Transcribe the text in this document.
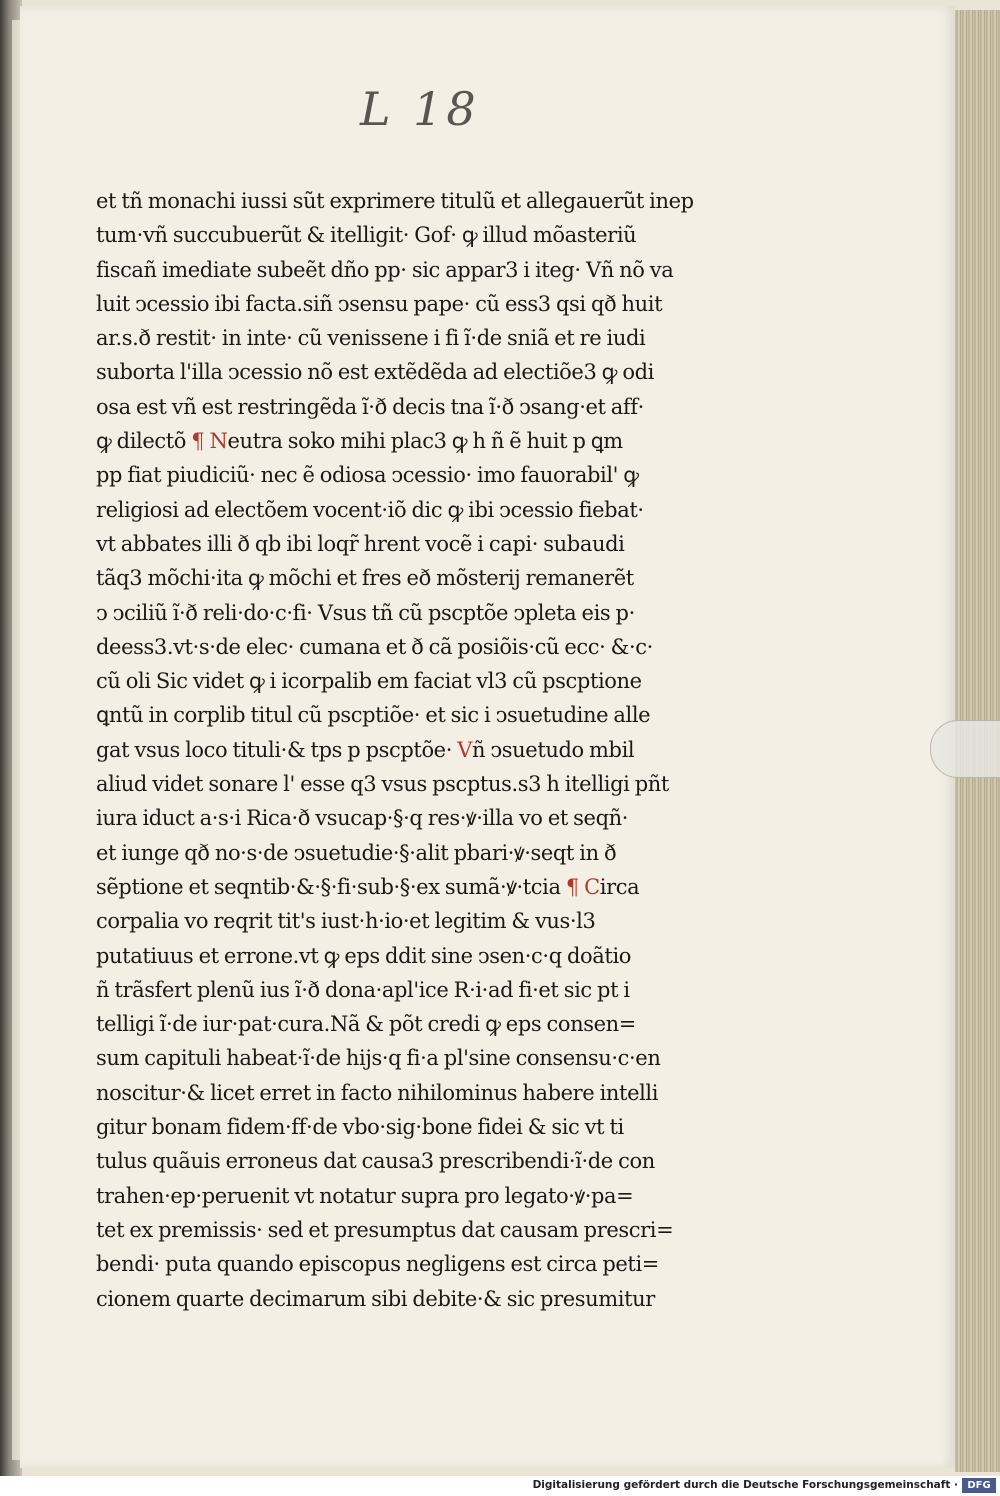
L 18
et tñ monachi iussi sũt exprimere titulũ et allegauerũt inep
tum·vñ succubuerũt & itelligit· Gof· ꝙ illud mõasteriũ
fiscañ imediate subeẽt dño pp· sic appar3 i iteg· Vñ nõ va
luit ↄcessio ibi facta.siñ ↄsensu pape· cũ ess3 qsi qð huit
ar.s.ð restit· in inte· cũ venissene i fi ĩ·de sniã et re iudi
suborta l'illa ↄcessio nõ est extẽdẽda ad electiõe3 ꝙ odi
osa est vñ est restringẽda ĩ·ð decis tna ĩ·ð ↄsang·et aff·
ꝙ dilectõ ¶ Neutra soko mihi plac3 ꝙ h ñ ẽ huit p ꝗm
pp fiat piudiciũ· nec ẽ odiosa ↄcessio· imo fauorabil' ꝙ
religiosi ad electõem vocent·iõ dic ꝙ ibi ↄcessio fiebat·
vt abbates illi ð qb ibi loqr̃ hrent vocẽ i capi· subaudi
tãq3 mõchi·ita ꝙ mõchi et fres eð mõsterij remanerẽt
ↄ ↄciliũ ĩ·ð reli·do·c·fi· Vsus tñ cũ pscptõe ↄpleta eis p·
deess3.vt·s·de elec· cumana et ð cã posiõis·cũ ecc· &·c·
cũ oli Sic videt ꝙ i icorpalib em faciat vl3 cũ pscptione
ꝗntũ in corplib titul cũ pscptiõe· et sic i ↄsuetudine alle
gat vsus loco tituli·& tps p pscptõe· Vñ ↄsuetudo mbil
aliud videt sonare l' esse q3 vsus pscptus.s3 h itelligi pñt
iura iduct a·s·i Rica·ð vsucap·§·q res·ꝟ·illa vo et seqñ·
et iunge qð no·s·de ↄsuetudie·§·alit pbari·ꝟ·seqt in ð
sẽptione et seqntib·&·§·fi·sub·§·ex sumã·ꝟ·tcia ¶ Circa
corpalia vo reqrit tit's iust·h·io·et legitim & vus·l3
putatiuus et errone.vt ꝙ eps ddit sine ↄsen·c·q doãtio
ñ trãsfert plenũ ius ĩ·ð dona·apl'ice R·i·ad fi·et sic pt i
telligi ĩ·de iur·pat·cura.Nã & põt credi ꝙ eps consen=
sum capituli habeat·ĩ·de hijs·q fi·a pl'sine consensu·c·en
noscitur·& licet erret in facto nihilominus habere intelli
gitur bonam fidem·ff·de vbo·sig·bone fidei & sic vt ti
tulus quãuis erroneus dat causa3 prescribendi·ĩ·de con
trahen·ep·peruenit vt notatur supra pro legato·ꝟ·pa=
tet ex premissis· sed et presumptus dat causam prescri=
bendi· puta quando episcopus negligens est circa peti=
cionem quarte decimarum sibi debite·& sic presumitur
Digitalisierung gefördert durch die Deutsche Forschungsgemeinschaft · DFG
